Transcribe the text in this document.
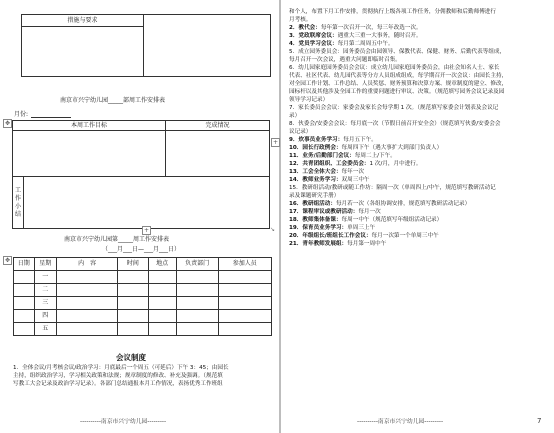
措施与要求	

南京市兴宁幼儿园_____部周工作安排表
月份:
✥	本周工作目标		完成情况

工
作
小
结		

+
+	↘
南京市兴宁幼儿园第_____周工作安排表
（___月___日—___月___日）
✥	日期	星期	内　容	时间	地点	负责部门	参加人员
	一					
	二					
	三					
	四					
	五					
会议制度
1．全体会议/月考核会议/政治学习：月底最后一个周五（可延后）下午 3：45；由园长
主持，组织政治学习，学习相关政策和法规；规章制度的修改、补充及强调。（规范填
写教工大会记录及政治学习记录）。各部门总结通报本月工作情况，表扬优秀工作班组
----------南京市兴宁幼儿园---------
和个人，布置下月工作安排，贯彻执行上级各项工作任务，分佣教师和后勤师傅进行
月考核。
2．教代会：每年第一次召开一次，每三年改选一次。
3．党政联席会议：遇重大三重一大事务，随时召开。
4．党员学习会议：每月第二周周五中午。
5．成立园务委员会：园务委员会由园领导、保教代表、保健、财务、后勤代表等组成，
每月召开一次会议，遇重大问题即临时召集。
6．幼儿园家庭园务委员会会议：成立幼儿园家庭园务委员会，由社会知名人士、家长
代表、社区代表、幼儿园代表等分方人员组成组成，每学期召开一次会议：由园长主持，
对全园工作计划、工作总结、人员奖惩、财务预算和决算方案、规章制度的建立、修改，
园标杆以及其他涉及全园工作的重要问题进行审议、决策。（规范填写园务会议记录及园
领导学习记录）
7．家长委员会会议：家委会及家长会每学期 1 次。（规范填写家委会计划表及会议记
录）
8．伙委会/安委会会议：每月底一次（节假日前召开安全会）（规范填写伙委/安委会会
议记录）
9．炊事员业务学习：每月五下午。
10．园长行政例会：每周四下午（遇大事扩大到部门负责人）
11．业务/后勤部门会议：每周二上/下午。
12．共青团组织、工会委员会：1 次/月，月中进行。
13．工会全体大会：每年一次
14．教师业务学习：双周三中午
15．教研组活动/教研或随工作坊：隔周一次（单周四上/中午，规范填写教研活动记
录及课题研究手册）
16．教研组活动：每月若一次（各组协调安排，规范填写教研活动记录）
17．课程审议或教研活动：每月一次
18．教师集体备课：每周一中午（规范填写年级组活动记录）
19．保育员业务学习：单周三上午
20．年级组长/班组长工作会议：每月一次第一个单周三中午
21．青年教师发展组：每月第一周中午
----------南京市兴宁幼儿园---------	7
